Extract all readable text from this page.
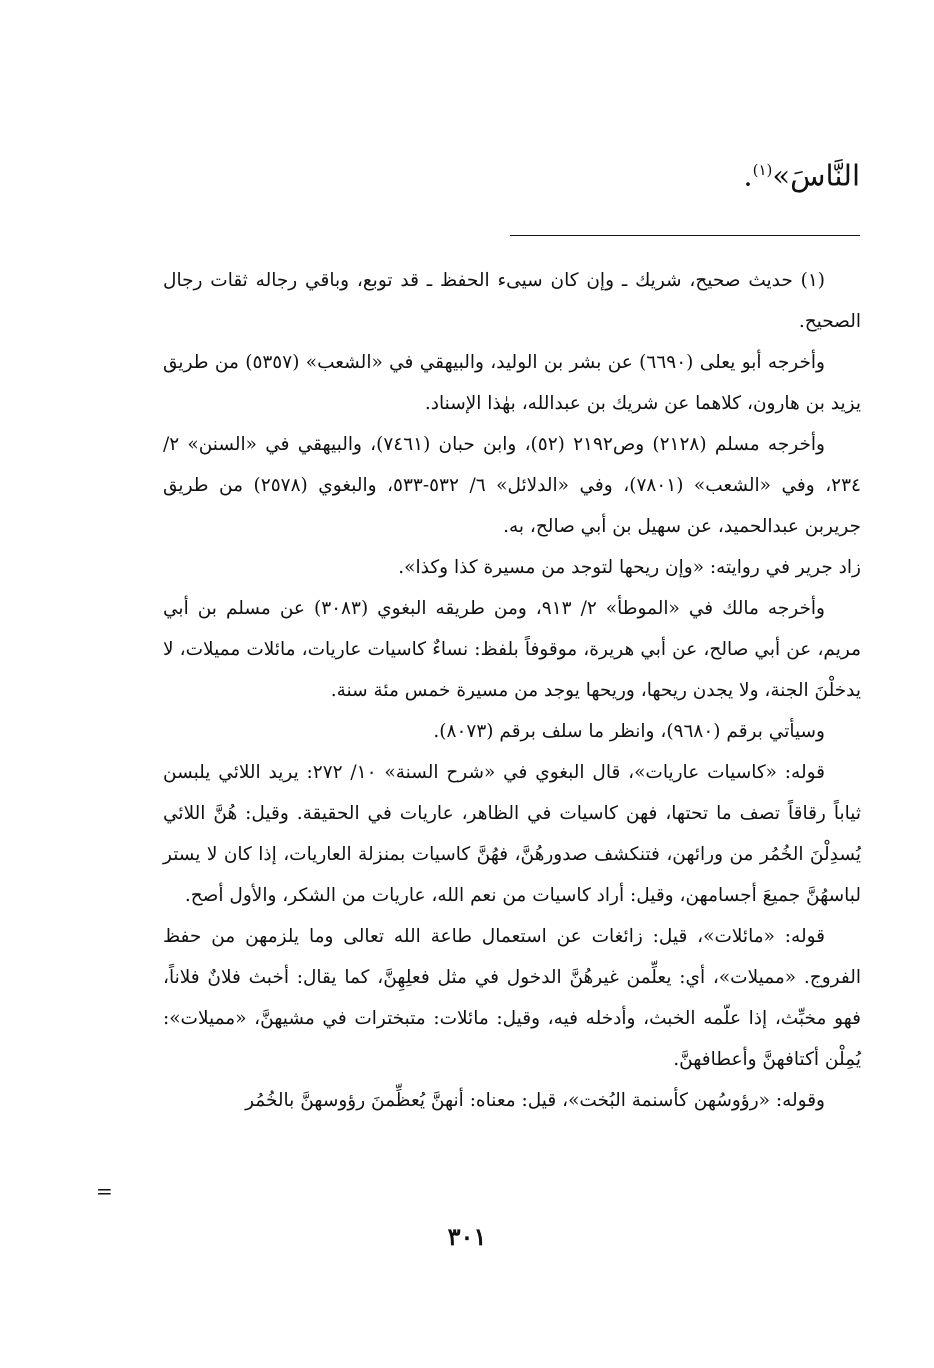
النَّاسَ»$^{(١)}$.

(١) حديث صحيح، شريك ـ وإن كان سيىء الحفظ ـ قد توبع، وباقي رجاله ثقات رجال الصحيح.

وأخرجه أبو يعلى (٦٦٩٠) عن بشر بن الوليد، والبيهقي في «الشعب» (٥٣٥٧) من طريق يزيد بن هارون، كلاهما عن شريك بن عبدالله، بهٰذا الإسناد.

وأخرجه مسلم (٢١٢٨) وص٢١٩٢ (٥٢)، وابن حبان (٧٤٦١)، والبيهقي في «السنن» ٢/ ٢٣٤، وفي «الشعب» (٧٨٠١)، وفي «الدلائل» ٦/ ٥٣٢-٥٣٣، والبغوي (٢٥٧٨) من طريق جريربن عبدالحميد، عن سهيل بن أبي صالح، به.

زاد جرير في روايته: «وإن ريحها لتوجد من مسيرة كذا وكذا».

وأخرجه مالك في «الموطأ» ٢/ ٩١٣، ومن طريقه البغوي (٣٠٨٣) عن مسلم بن أبي مريم، عن أبي صالح، عن أبي هريرة، موقوفاً بلفظ: نساءٌ كاسيات عاريات، مائلات مميلات، لا يدخلْنَ الجنة، ولا يجدن ريحها، وريحها يوجد من مسيرة خمس مئة سنة.

وسيأتي برقم (٩٦٨٠)، وانظر ما سلف برقم (٨٠٧٣).

قوله: «كاسيات عاريات»، قال البغوي في «شرح السنة» ١٠/ ٢٧٢: يريد اللائي يلبسن ثياباً رقاقاً تصف ما تحتها، فهن كاسيات في الظاهر، عاريات في الحقيقة. وقيل: هُنَّ اللائي يُسدِلْنَ الخُمُر من ورائهن، فتنكشف صدورهُنَّ، فهُنَّ كاسيات بمنزلة العاريات، إذا كان لا يستر لباسهُنَّ جميعَ أجسامهن، وقيل: أراد كاسيات من نعم الله، عاريات من الشكر، والأول أصح.

قوله: «مائلات»، قيل: زائغات عن استعمال طاعة الله تعالى وما يلزمهن من حفظ الفروج. «مميلات»، أي: يعلِّمن غيرهُنَّ الدخول في مثل فعلِهِنَّ، كما يقال: أخبث فلانٌ فلاناً، فهو مخبِّث، إذا علّمه الخبث، وأدخله فيه، وقيل: مائلات: متبخترات في مشيهنَّ، «مميلات»: يُمِلْن أكتافهنَّ وأعطافهنَّ.

وقوله: «رؤوسُهن كأسنمة البُخت»، قيل: معناه: أنهنَّ يُعظِّمنَ رؤوسهنَّ بالخُمُر

=
٣٠١
